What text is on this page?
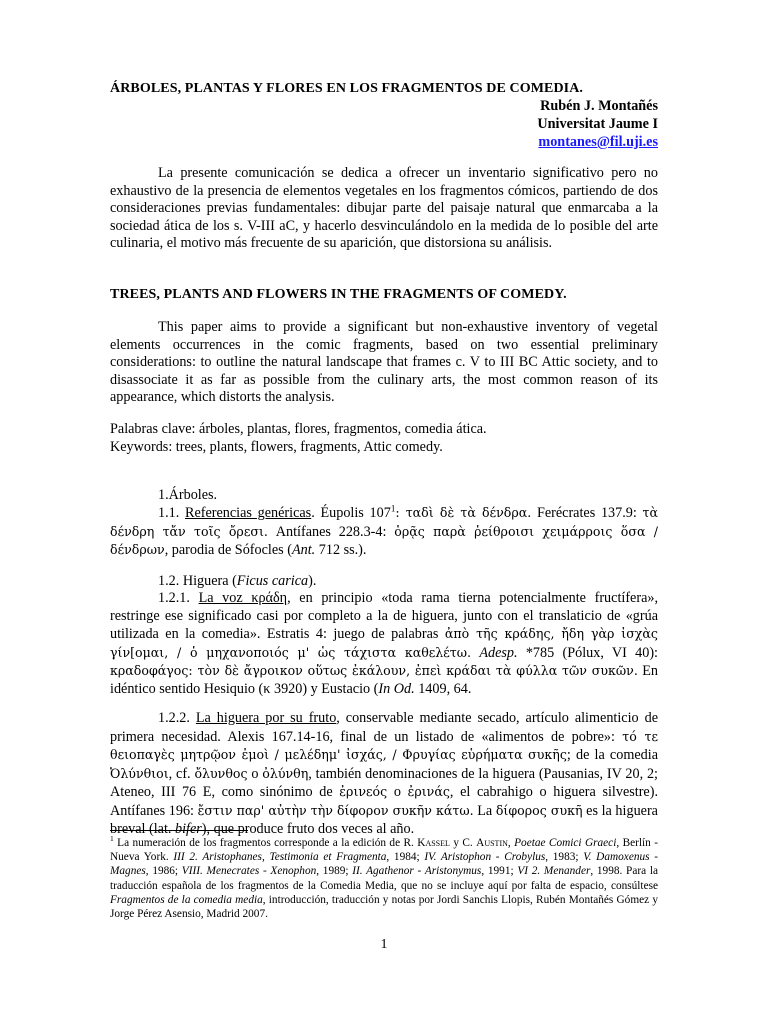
ÁRBOLES, PLANTAS Y FLORES EN LOS FRAGMENTOS DE COMEDIA.

Rubén J. Montañés

Universitat Jaume I

montanes@fil.uji.es

La presente comunicación se dedica a ofrecer un inventario significativo pero no exhaustivo de la presencia de elementos vegetales en los fragmentos cómicos, partiendo de dos consideraciones previas fundamentales: dibujar parte del paisaje natural que enmarcaba a la sociedad ática de los s. V-III aC, y hacerlo desvinculándolo en la medida de lo posible del arte culinaria, el motivo más frecuente de su aparición, que distorsiona su análisis.

TREES, PLANTS AND FLOWERS IN THE FRAGMENTS OF COMEDY.

This paper aims to provide a significant but non-exhaustive inventory of vegetal elements occurrences in the comic fragments, based on two essential preliminary considerations: to outline the natural landscape that frames c. V to III BC Attic society, and to disassociate it as far as possible from the culinary arts, the most common reason of its appearance, which distorts the analysis.

Palabras clave: árboles, plantas, flores, fragmentos, comedia ática.

Keywords: trees, plants, flowers, fragments, Attic comedy.

1.Árboles.

1.1. Referencias genéricas. Éupolis $107^1$: ταδὶ δὲ τὰ δένδρα. Ferécrates 137.9: τὰ δένδρη τἄν τοῖς ὄρεσι. Antífanes 228.3-4: ὁρᾷς παρὰ ῥείθροισι χειμάρροις ὅσα / δένδρων, parodia de Sófocles (Ant. 712 ss.).

1.2. Higuera (Ficus carica).

1.2.1. La voz κράδη, en principio «toda rama tierna potencialmente fructífera», restringe ese significado casi por completo a la de higuera, junto con el translaticio de «grúa utilizada en la comedia». Estratis 4: juego de palabras ἀπὸ τῆς κράδης, ἤδη γὰρ ἰσχὰς γίν[ομαι, / ὁ μηχανοποιός μ' ὡς τάχιστα καθελέτω. Adesp. *785 (Pólux, VI 40): κραδοφάγος: τὸν δὲ ἄγροικον οὕτως ἐκάλουν, ἐπεὶ κράδαι τὰ φύλλα τῶν συκῶν. En idéntico sentido Hesiquio (κ 3920) y Eustacio (In Od. 1409, 64.

1.2.2. La higuera por su fruto, conservable mediante secado, artículo alimenticio de primera necesidad. Alexis 167.14-16, final de un listado de «alimentos de pobre»: τό τε θειοπαγὲς μητρῷον ἐμοὶ / μελέδημ' ἰσχάς, / Φρυγίας εὑρήματα συκῆς; de la comedia Ὀλύνθιοι, cf. ὄλυνθος o ὀλύνθη, también denominaciones de la higuera (Pausanias, IV 20, 2; Ateneo, III 76 E, como sinónimo de ἐρινεός o ἐρινάς, el cabrahigo o higuera silvestre). Antífanes 196: ἔστιν παρ' αὐτὴν τὴν δίφορον συκῆν κάτω. La δίφορος συκῆ es la higuera breval (lat. bifer), que produce fruto dos veces al año.

$^1$ La numeración de los fragmentos corresponde a la edición de R. Kassel y C. Austin, Poetae Comici Graeci, Berlín - Nueva York. III 2. Aristophanes, Testimonia et Fragmenta, 1984; IV. Aristophon - Crobylus, 1983; V. Damoxenus - Magnes, 1986; VIII. Menecrates - Xenophon, 1989; II. Agathenor - Aristonymus, 1991; VI 2. Menander, 1998. Para la traducción española de los fragmentos de la Comedia Media, que no se incluye aquí por falta de espacio, consúltese Fragmentos de la comedia media, introducción, traducción y notas por Jordi Sanchis Llopis, Rubén Montañés Gómez y Jorge Pérez Asensio, Madrid 2007.

1
